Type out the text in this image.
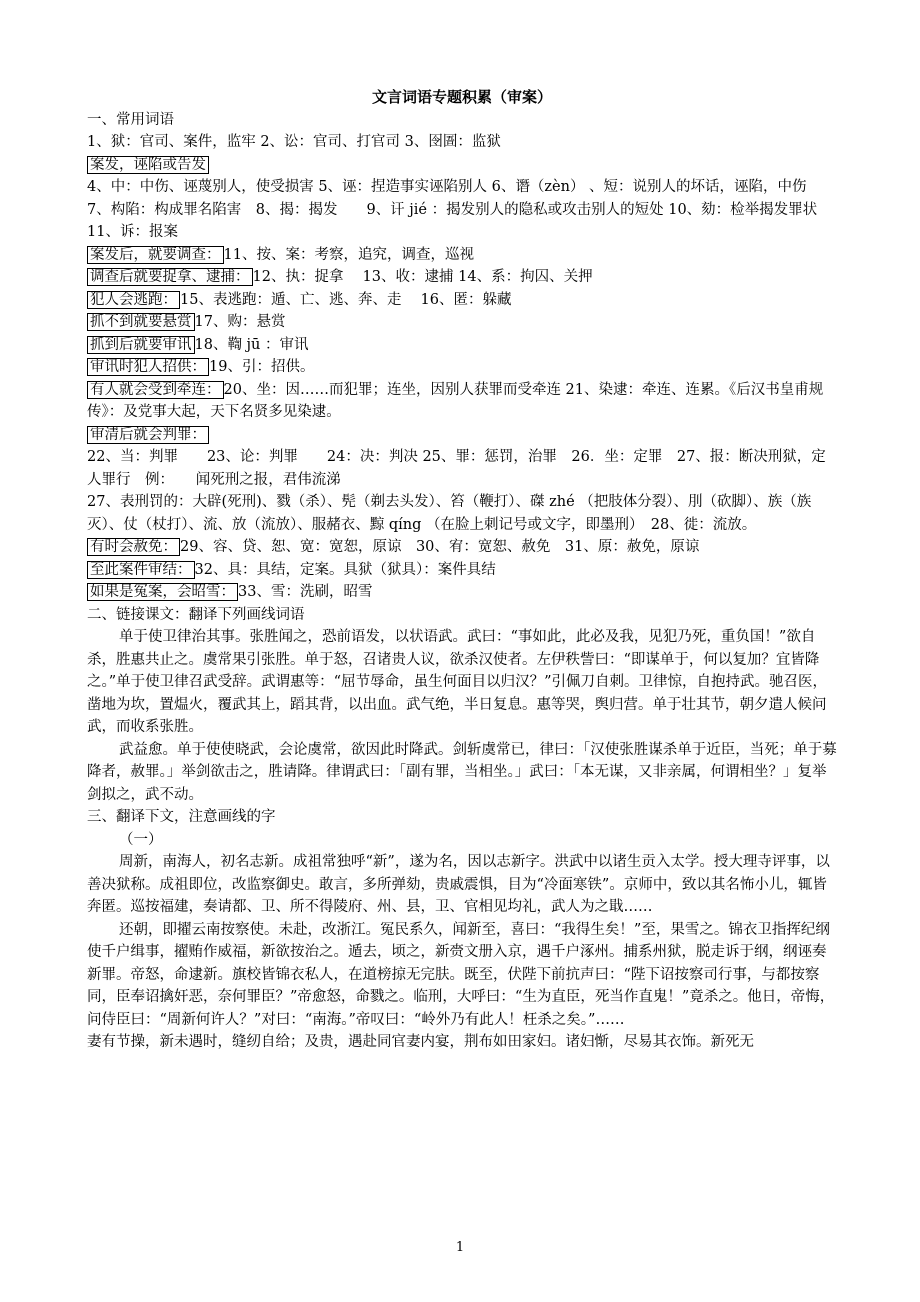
文言词语专题积累（审案）
一、常用词语
1、狱：官司、案件，监牢 2、讼：官司、打官司 3、囹圄：监狱
案发，诬陷或告发
4、中：中伤、诬蔑别人，使受损害 5、诬：捏造事实诬陷别人 6、谮（zèn） 、短：说别人的坏话，诬陷，中伤　7、构陷：构成罪名陷害　8、揭：揭发　　9、讦 jié ：揭发别人的隐私或攻击别人的短处 10、劾：检举揭发罪状　　11、诉：报案
案发后，就要调查： 11、按、案：考察，追究，调查，巡视
调查后就要捉拿、逮捕： 12、执：捉拿　 13、收：逮捕 14、系：拘囚、关押
犯人会逃跑： 15、表逃跑：遁、亡、逃、奔、走　 16、匿：躲藏
抓不到就要悬赏 17、购：悬赏
抓到后就要审讯 18、鞫 jū ：审讯
审讯时犯人招供： 19、引：招供。
有人就会受到牵连： 20、坐：因……而犯罪；连坐，因别人获罪而受牵连 21、染逮：牵连、连累。《后汉书皇甫规传》：及党事大起，天下名贤多见染逮。
审清后就会判罪：
22、当：判罪　　23、论：判罪　　24：决：判决 25、罪：惩罚，治罪　26．坐：定罪　27、报：断决刑狱，定人罪行　例：　　闻死刑之报，君伟流涕
27、表刑罚的：大辟(死刑)、戮（杀）、髡（剃去头发）、笞（鞭打）、磔 zhé （把肢体分裂）、刖（砍脚）、族（族灭）、仗（杖打）、流、放（流放）、服赭衣、黥 qíng （在脸上刺记号或文字，即墨刑）　28、徙：流放。
有时会赦免： 29、容、贷、恕、宽：宽恕，原谅　30、宥：宽恕、赦免　31、原：赦免，原谅
至此案件审结： 32、具：具结，定案。具狱（狱具）：案件具结
如果是冤案，会昭雪： 33、雪：洗刷，昭雪
二、链接课文：翻译下列画线词语
单于使卫律治其事。张胜闻之，恐前语发，以状语武。武曰：“事如此，此必及我，见犯乃死，重负国！”欲自杀，胜惠共止之。虞常果引张胜。单于怒，召诸贵人议，欲杀汉使者。左伊秩訾曰：“即谋单于，何以复加？宜皆降之。”单于使卫律召武受辞。武谓惠等：“屈节辱命，虽生何面目以归汉？”引佩刀自刺。卫律惊，自抱持武。驰召医，凿地为坎，置煴火，覆武其上，蹈其背，以出血。武气绝，半日复息。惠等哭，舆归营。单于壮其节，朝夕遣人候问武，而收系张胜。
武益愈。单于使使晓武，会论虞常，欲因此时降武。剑斩虞常已，律曰：「汉使张胜谋杀单于近臣，当死；单于募降者，赦罪。」举剑欲击之，胜请降。律谓武曰：「副有罪，当相坐。」武曰：「本无谋，又非亲属，何谓相坐？」复举剑拟之，武不动。
三、翻译下文，注意画线的字
（一）
周新，南海人，初名志新。成祖常独呼“新”，遂为名，因以志新字。洪武中以诸生贡入太学。授大理寺评事，以善决狱称。成祖即位，改监察御史。敢言，多所弹劾，贵戚震惧，目为“冷面寒铁”。京师中，致以其名怖小儿，辄皆奔匿。巡按福建，奏请都、卫、所不得陵府、州、县，卫、官相见均礼，武人为之戢……
还朝，即擢云南按察使。未赴，改浙江。冤民系久，闻新至，喜曰：“我得生矣！”至，果雪之。锦衣卫指挥纪纲使千户缉事，擢贿作威福，新欲按治之。遁去，顷之，新赍文册入京，遇千户涿州。捕系州狱，脱走诉于纲，纲诬奏新罪。帝怒，命逮新。旗校皆锦衣私人，在道榜掠无完肤。既至，伏陛下前抗声曰：“陛下诏按察司行事，与都按察同，臣奉诏擒奸恶，奈何罪臣？”帝愈怒，命戮之。临刑，大呼曰：“生为直臣，死当作直鬼！”竟杀之。他日，帝悔，问侍臣曰：“周新何许人？”对曰：“南海。”帝叹曰：“岭外乃有此人！枉杀之矣。”……
妻有节操，新未遇时，缝纫自给；及贵，遇赴同官妻内宴，荆布如田家妇。诸妇惭，尽易其衣饰。新死无
1
